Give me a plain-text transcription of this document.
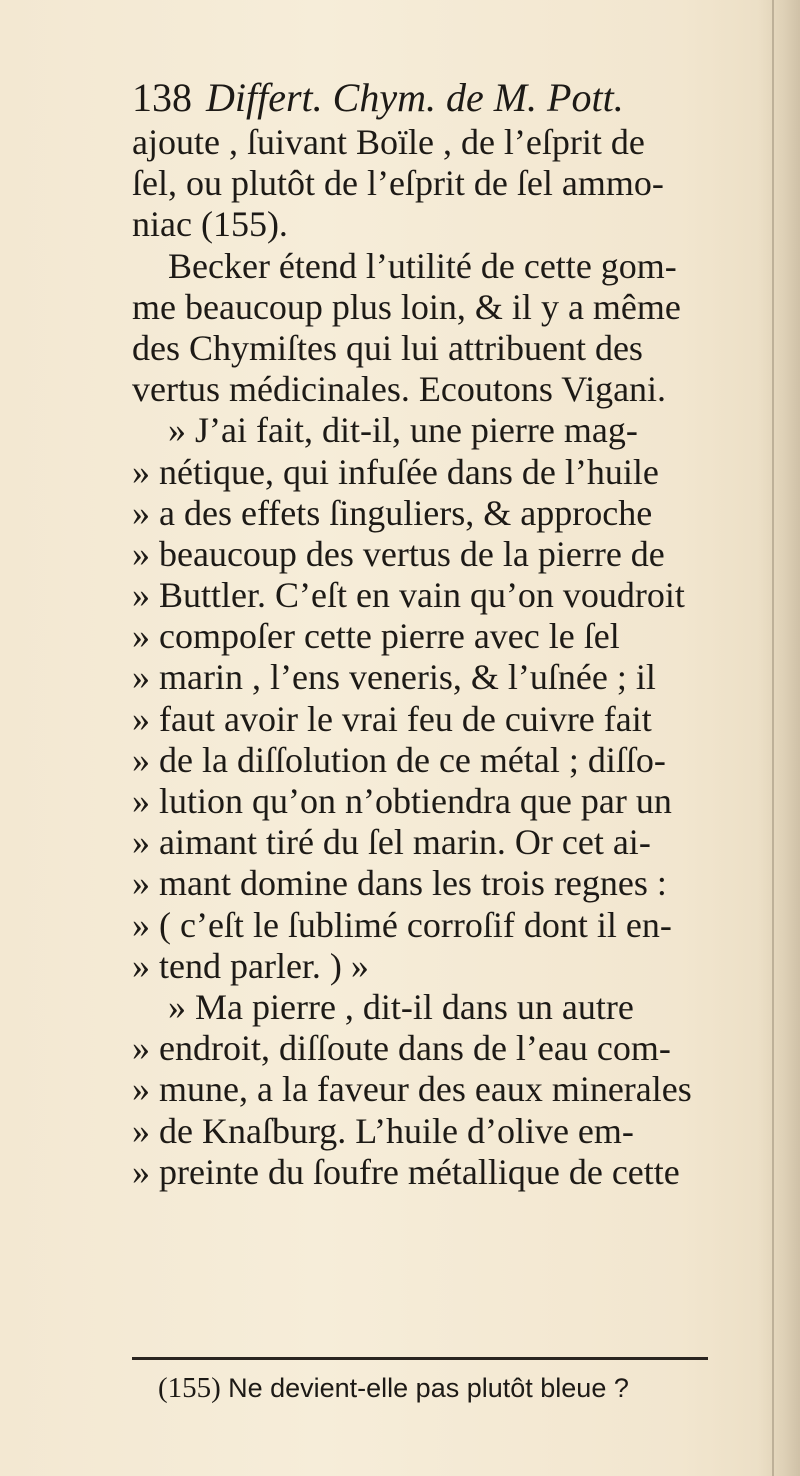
138 Differt. Chym. de M. Pott.
ajoute , ſuivant Boïle , de l’eſprit de
ſel, ou plutôt de l’eſprit de ſel ammo-
niac (155).
Becker étend l’utilité de cette gom-
me beaucoup plus loin, & il y a même
des Chymiſtes qui lui attribuent des
vertus médicinales. Ecoutons Vigani.
» J’ai fait, dit-il, une pierre mag-
» nétique, qui infuſée dans de l’huile
» a des effets ſinguliers, & approche
» beaucoup des vertus de la pierre de
» Buttler. C’eſt en vain qu’on voudroit
» compoſer cette pierre avec le ſel
» marin , l’ens veneris, & l’uſnée ; il
» faut avoir le vrai feu de cuivre fait
» de la diſſolution de ce métal ; diſſo-
» lution qu’on n’obtiendra que par un
» aimant tiré du ſel marin. Or cet ai-
» mant domine dans les trois regnes :
» ( c’eſt le ſublimé corroſif dont il en-
» tend parler. ) »
» Ma pierre , dit-il dans un autre
» endroit, diſſoute dans de l’eau com-
» mune, a la faveur des eaux minerales
» de Knaſburg. L’huile d’olive em-
» preinte du ſoufre métallique de cette
(155) Ne devient-elle pas plutôt bleue ?
